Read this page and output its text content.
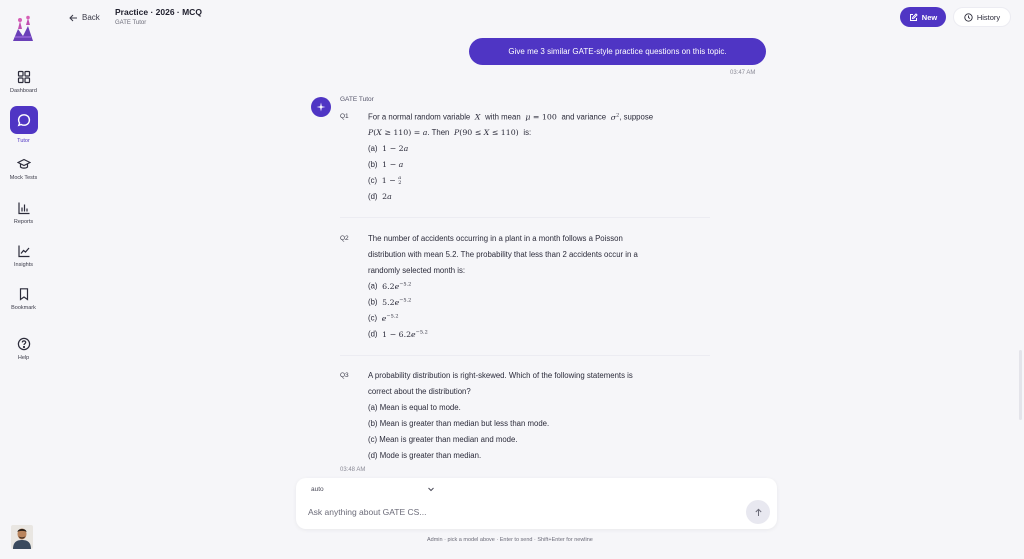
Dashboard
Tutor
Mock Tests
Reports
Insights
Bookmark
Help
Back
Practice · 2026 · MCQ
GATE Tutor
New	History
Give me 3 similar GATE-style practice questions on this topic.
03:47 AM
GATE Tutor
Q1 For a normal random variable  X  with mean μ = 100  and variance $\sigma^2$, suppose
P(X ≥ 110) = a. Then P(90 ≤ X ≤ 110)  is:
(a)  1 − 2a
(b)  1 − a
(c)  1 − a
2
(d)  2a
Q2 The number of accidents occurring in a plant in a month follows a Poisson
distribution with mean 5.2. The probability that less than 2 accidents occur in a
randomly selected month is:
(a)  $6.2e^{-5.2}$
(b)  $5.2e^{-5.2}$
(c) $e^{-5.2}$
(d)  $1 - 6.2e^{-5.2}$
Q3 A probability distribution is right-skewed. Which of the following statements is
correct about the distribution?
(a) Mean is equal to mode.
(b) Mean is greater than median but less than mode.
(c) Mean is greater than median and mode.
(d) Mode is greater than median.
03:48 AM
auto
Ask anything about GATE CS...
Admin · pick a model above · Enter to send · Shift+Enter for newline
